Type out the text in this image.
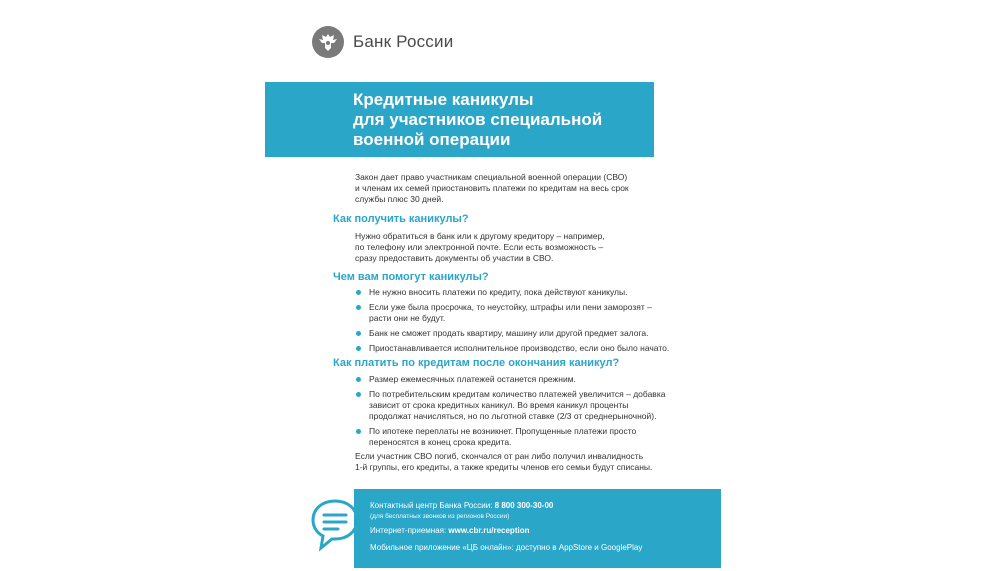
Банк России
Кредитные каникулы
для участников специальной
военной операции
Закон дает право участникам специальной военной операции (СВО)
и членам их семей приостановить платежи по кредитам на весь срок
службы плюс 30 дней.
Как получить каникулы?
Нужно обратиться в банк или к другому кредитору – например,
по телефону или электронной почте. Если есть возможность –
сразу предоставить документы об участии в СВО.
Чем вам помогут каникулы?
Не нужно вносить платежи по кредиту, пока действуют каникулы.
Если уже была просрочка, то неустойку, штрафы или пени заморозят –
расти они не будут.
Банк не сможет продать квартиру, машину или другой предмет залога.
Приостанавливается исполнительное производство, если оно было начато.
Как платить по кредитам после окончания каникул?
Размер ежемесячных платежей останется прежним.
По потребительским кредитам количество платежей увеличится – добавка
зависит от срока кредитных каникул. Во время каникул проценты
продолжат начисляться, но по льготной ставке (2/3 от среднерыночной).
По ипотеке переплаты не возникнет. Пропущенные платежи просто
переносятся в конец срока кредита.
Если участник СВО погиб, скончался от ран либо получил инвалидность
1-й группы, его кредиты, а также кредиты членов его семьи будут списаны.
Контактный центр Банка России: 8 800 300-30-00
(для бесплатных звонков из регионов России)
Интернет-приемная: www.cbr.ru/reception
Мобильное приложение «ЦБ онлайн»: доступно в AppStore и GooglePlay
